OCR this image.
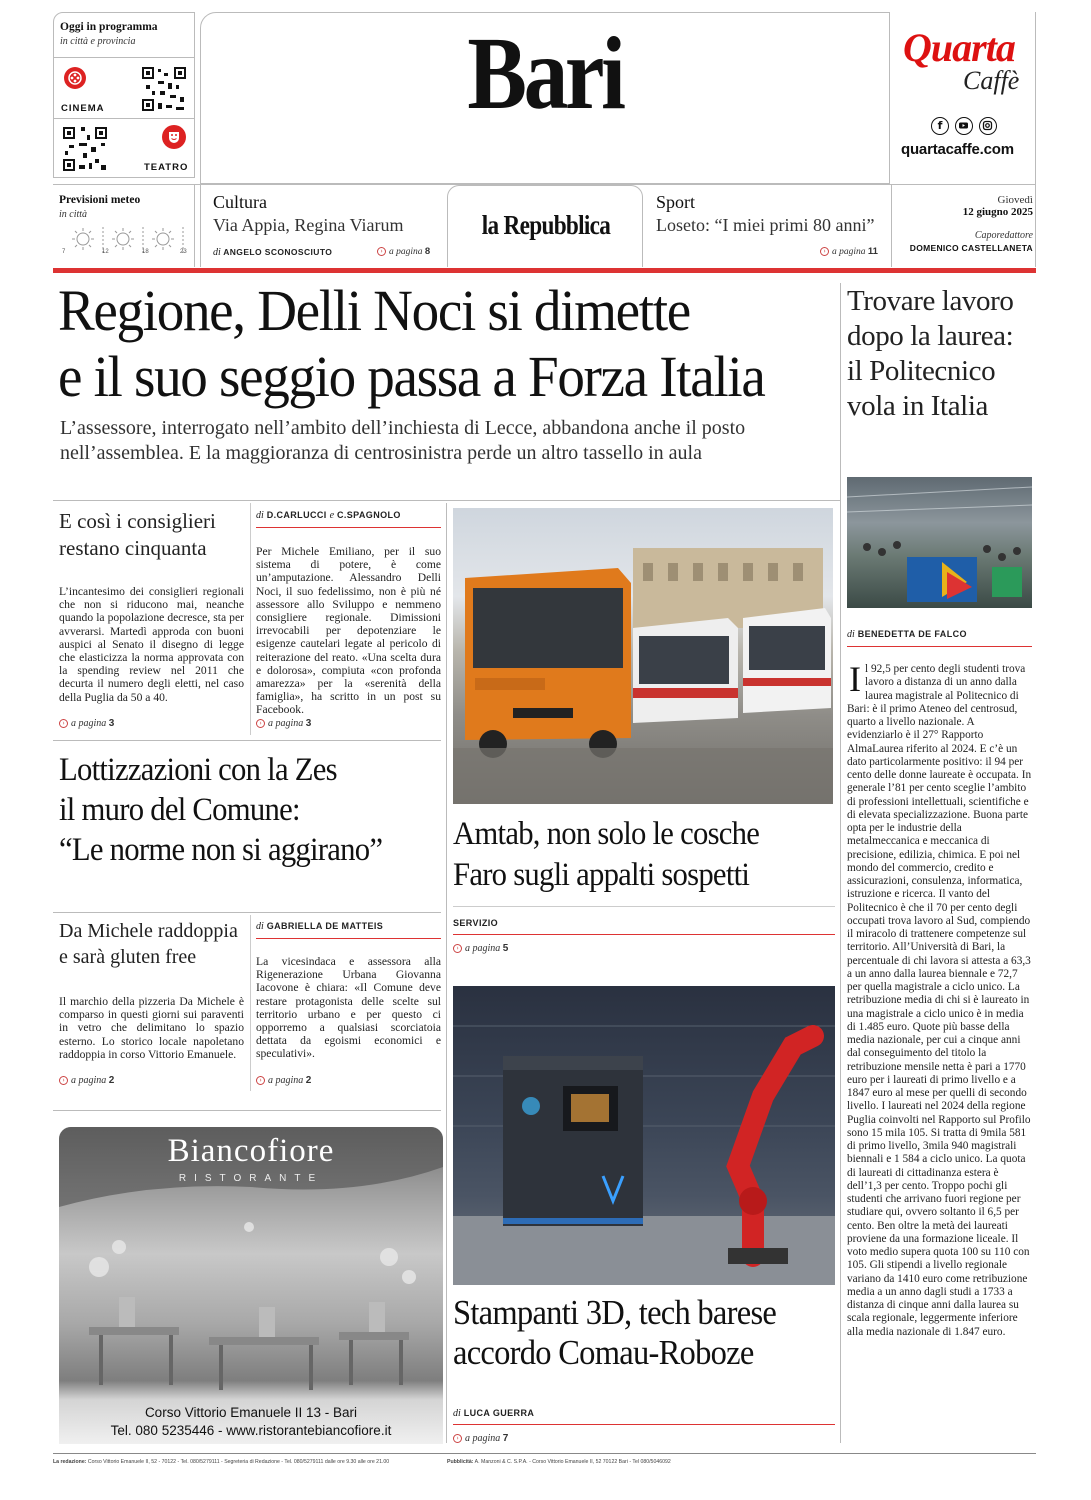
Oggi in programma
in città e provincia
CINEMA
TEATRO
Bari	Quarta
Caffè
f
quartacaffe.com
Previsioni meteo
in città
7	12	18	23
Cultura
Via Appia, Regina Viarum
di ANGELO SCONOSCIUTO	› a pagina 8
la Repubblica
Sport
Loseto: “I miei primi 80 anni”
› a pagina 11
Giovedì
12 giugno 2025
Caporedattore
DOMENICO CASTELLANETA
Regione, Delli Noci si dimette
e il suo seggio passa a Forza Italia
L’assessore, interrogato nell’ambito dell’inchiesta di Lecce, abbandona anche il posto nell’assemblea. E la maggioranza di centrosinistra perde un altro tassello in aula
E così i consiglieri restano cinquanta
L’incantesimo dei consiglieri regionali che non si riducono mai, neanche quando la popolazione decresce, sta per avverarsi. Martedì approda con buoni auspici al Senato il disegno di legge che elasticizza la norma approvata con la spending review nel 2011 che decurta il numero degli eletti, nel caso della Puglia da 50 a 40.
› a pagina 3
di D.CARLUCCI e C.SPAGNOLO
Per Michele Emiliano, per il suo sistema di potere, è come un’amputazione. Alessandro Delli Noci, il suo fedelissimo, non è più né assessore allo Sviluppo e nemmeno consigliere regionale. Dimissioni irrevocabili per depotenziare le esigenze cautelari legate al pericolo di reiterazione del reato. «Una scelta dura e dolorosa», compiuta «con profonda amarezza» per la «serenità della famiglia», ha scritto in un post su Facebook.
› a pagina 3
Lottizzazioni con la Zes
il muro del Comune:
“Le norme non si aggirano”
Da Michele raddoppia e sarà gluten free
Il marchio della pizzeria Da Michele è comparso in questi giorni sui paraventi in vetro che delimitano lo spazio esterno. Lo storico locale napoletano raddoppia in corso Vittorio Emanuele.
› a pagina 2
di GABRIELLA DE MATTEIS
La vicesindaca e assessora alla Rigenerazione Urbana Giovanna Iacovone è chiara: «Il Comune deve restare protagonista delle scelte sul territorio urbano e per questo ci opporremo a qualsiasi scorciatoia dettata da egoismi economici e speculativi».
› a pagina 2
Biancofiore
RISTORANTE
Corso Vittorio Emanuele II 13 - Bari
Tel. 080 5235446 - www.ristorantebiancofiore.it
Amtab, non solo le cosche
Faro sugli appalti sospetti
SERVIZIO
› a pagina 5
Stampanti 3D, tech barese
accordo Comau-Roboze
di LUCA GUERRA
› a pagina 7
Trovare lavoro dopo la laurea: il Politecnico vola in Italia
di BENEDETTA DE FALCO
I l 92,5 per cento degli studenti trova lavoro a distanza di un anno dalla laurea magistrale al Politecnico di Bari: è il primo Ateneo del centrosud, quarto a livello nazionale. A evidenziarlo è il 27° Rapporto AlmaLaurea riferito al 2024. E c’è un dato particolarmente positivo: il 94 per cento delle donne laureate è occupata. In generale l’81 per cento sceglie l’ambito di professioni intellettuali, scientifiche e di elevata specializzazione. Buona parte opta per le industrie della metalmeccanica e meccanica di precisione, edilizia, chimica. E poi nel mondo del commercio, credito e assicurazioni, consulenza, informatica, istruzione e ricerca. Il vanto del Politecnico è che il 70 per cento degli occupati trova lavoro al Sud, compiendo il miracolo di trattenere competenze sul territorio. All’Università di Bari, la percentuale di chi lavora si attesta a 63,3 a un anno dalla laurea biennale e 72,7 per quella magistrale a ciclo unico. La retribuzione media di chi si è laureato in una magistrale a ciclo unico è in media di 1.485 euro. Quote più basse della media nazionale, per cui a cinque anni dal conseguimento del titolo la retribuzione mensile netta è pari a 1770 euro per i laureati di primo livello e a 1847 euro al mese per quelli di secondo livello. I laureati nel 2024 della regione Puglia coinvolti nel Rapporto sul Profilo sono 15 mila 105. Si tratta di 9mila 581 di primo livello, 3mila 940 magistrali biennali e 1 584 a ciclo unico. La quota di laureati di cittadinanza estera è dell’1,3 per cento. Troppo pochi gli studenti che arrivano fuori regione per studiare qui, ovvero soltanto il 6,5 per cento. Ben oltre la metà dei laureati proviene da una formazione liceale. Il voto medio supera quota 100 su 110 con 105. Gli stipendi a livello regionale variano da 1410 euro come retribuzione media a un anno dagli studi a 1733 a distanza di cinque anni dalla laurea su scala regionale, leggermente inferiore alla media nazionale di 1.847 euro.
La redazione: Corso Vittorio Emanuele II, 52 - 70122 - Tel. 080/5279111 - Segreteria di Redazione - Tel. 080/5279111 dalle ore 9.30 alle ore 21.00	Pubblicità: A. Manzoni & C. S.P.A. - Corso Vittorio Emanuele II, 52 70122 Bari - Tel 080/5046092
